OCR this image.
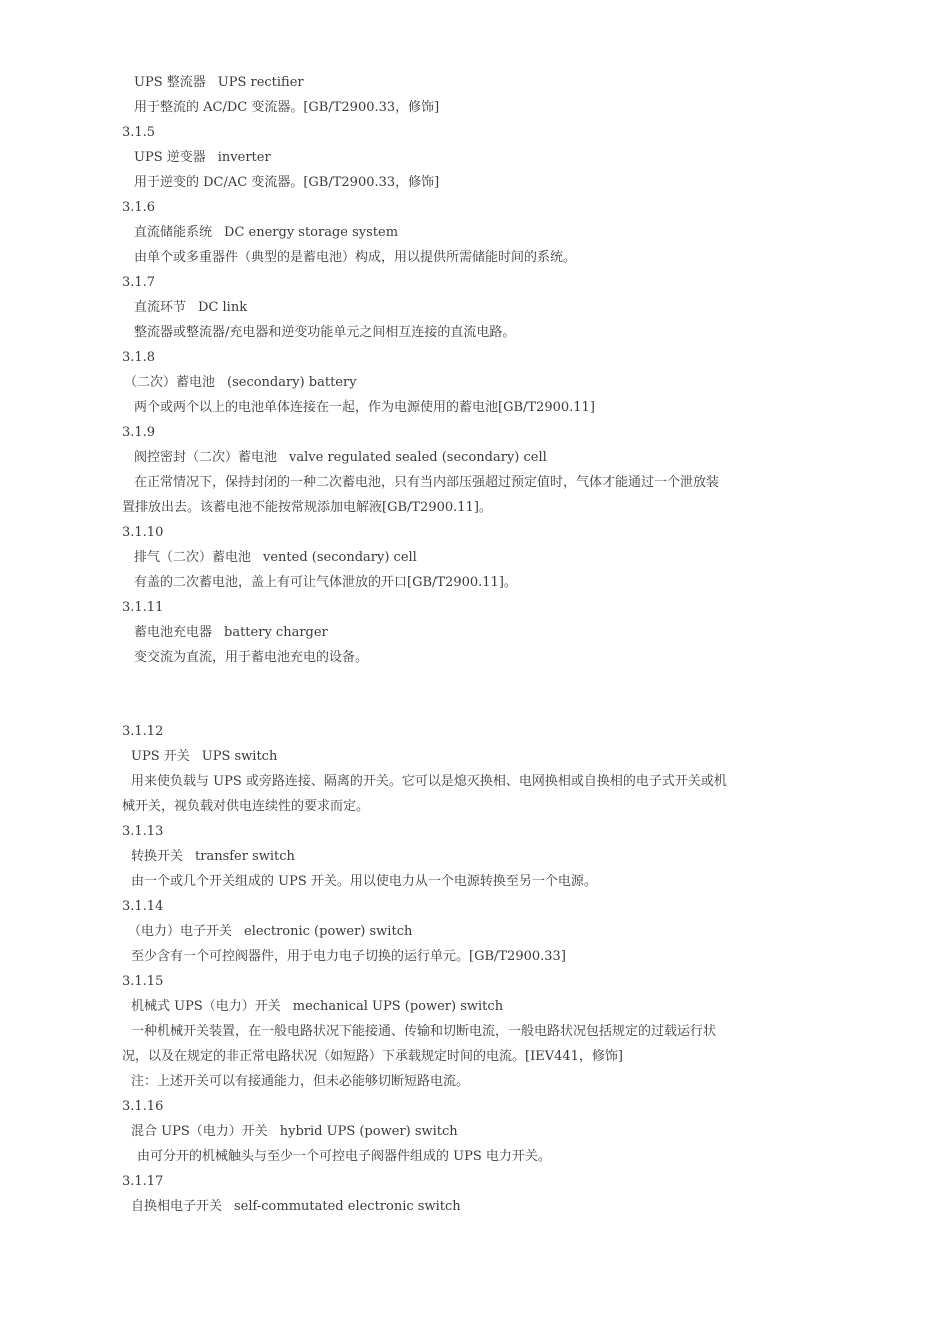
UPS 整流器 UPS rectifier
用于整流的 AC/DC 变流器。[GB/T2900.33，修饰]
3.1.5
UPS 逆变器 inverter
用于逆变的 DC/AC 变流器。[GB/T2900.33，修饰]
3.1.6
直流储能系统 DC energy storage system
由单个或多重器件（典型的是蓄电池）构成，用以提供所需储能时间的系统。
3.1.7
直流环节 DC link
整流器或整流器/充电器和逆变功能单元之间相互连接的直流电路。
3.1.8
（二次）蓄电池 (secondary) battery
两个或两个以上的电池单体连接在一起，作为电源使用的蓄电池[GB/T2900.11]
3.1.9
阀控密封（二次）蓄电池 valve regulated sealed (secondary) cell
在正常情况下，保持封闭的一种二次蓄电池，只有当内部压强超过预定值时，气体才能通过一个泄放装
置排放出去。该蓄电池不能按常规添加电解液[GB/T2900.11]。
3.1.10
排气（二次）蓄电池 vented (secondary) cell
有盖的二次蓄电池，盖上有可让气体泄放的开口[GB/T2900.11]。
3.1.11
蓄电池充电器 battery charger
变交流为直流，用于蓄电池充电的设备。
3.1.12
UPS 开关 UPS switch
用来使负载与 UPS 或旁路连接、隔离的开关。它可以是熄灭换相、电网换相或自换相的电子式开关或机
械开关，视负载对供电连续性的要求而定。
3.1.13
转换开关 transfer switch
由一个或几个开关组成的 UPS 开关。用以使电力从一个电源转换至另一个电源。
3.1.14
（电力）电子开关 electronic (power) switch
至少含有一个可控阀器件，用于电力电子切换的运行单元。[GB/T2900.33]
3.1.15
机械式 UPS（电力）开关 mechanical UPS (power) switch
一种机械开关装置，在一般电路状况下能接通、传输和切断电流，一般电路状况包括规定的过载运行状
况，以及在规定的非正常电路状况（如短路）下承载规定时间的电流。[IEV441，修饰]
注：上述开关可以有接通能力，但未必能够切断短路电流。
3.1.16
混合 UPS（电力）开关 hybrid UPS (power) switch
由可分开的机械触头与至少一个可控电子阀器件组成的 UPS 电力开关。
3.1.17
自换相电子开关 self-commutated electronic switch
